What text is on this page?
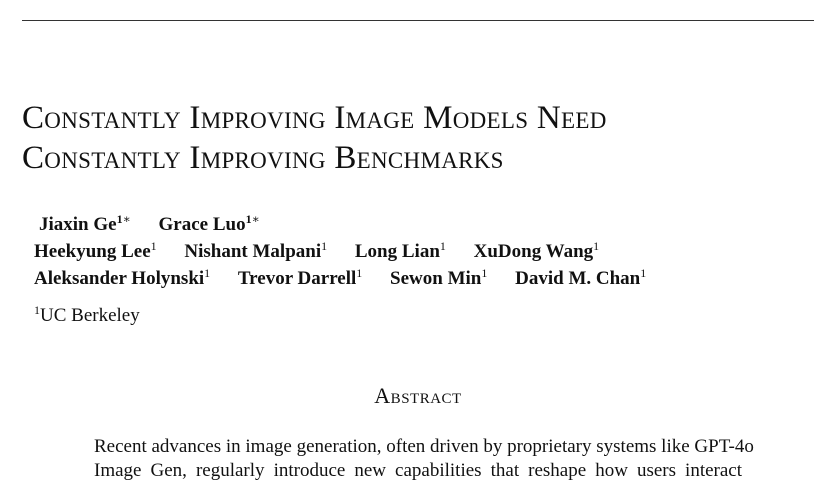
Constantly Improving Image Models Need
Constantly Improving Benchmarks
Jiaxin $Ge^{1∗}$ Grace Luo$^{1∗}$
Heekyung Lee$^1$ Nishant Malpani$^1$ Long Lian$^1$ XuDong Wang$^1$
Aleksander Holynski$^1$ Trevor Darrell$^1$ Sewon Min$^1$ David M. Chan$^1$
$^1$UC Berkeley
Abstract
Recent advances in image generation, often driven by proprietary systems like GPT-4o
Image Gen, regularly introduce new capabilities that reshape how users interact
